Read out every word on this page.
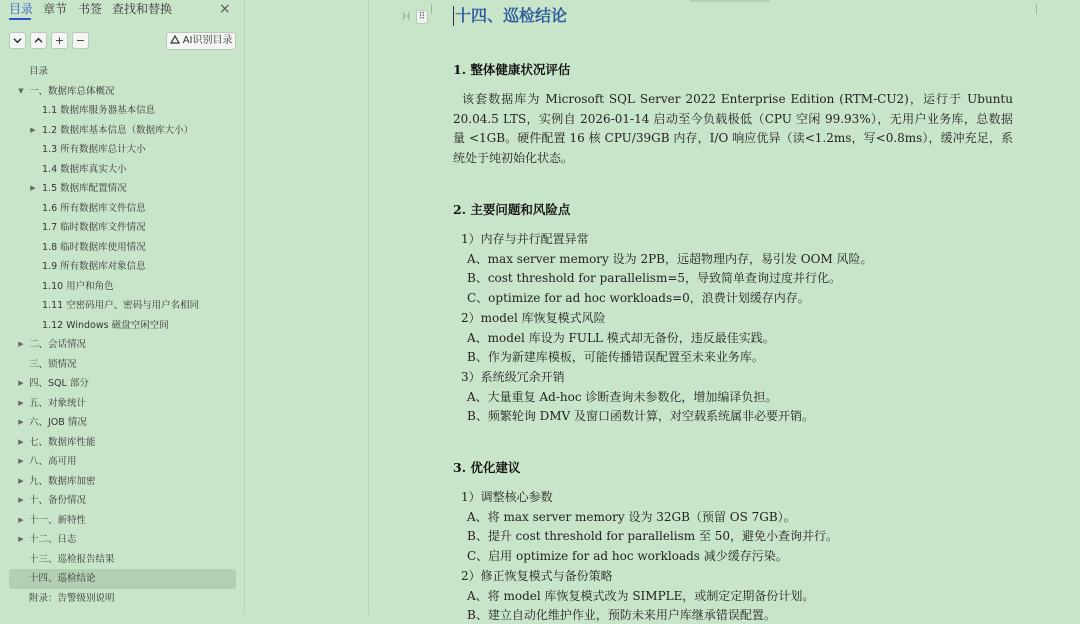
目录 章节 书签 查找和替换	×
+	−	AI识别目录
目录
▼ 一、数据库总体概况
1.1 数据库服务器基本信息
▶ 1.2 数据库基本信息（数据库大小）
1.3 所有数据库总计大小
1.4 数据库真实大小
▶ 1.5 数据库配置情况
1.6 所有数据库文件信息
1.7 临时数据库文件情况
1.8 临时数据库使用情况
1.9 所有数据库对象信息
1.10 用户和角色
1.11 空密码用户、密码与用户名相同
1.12 Windows 磁盘空闲空间
▶ 二、会话情况
三、锁情况
▶ 四、SQL 部分
▶ 五、对象统计
▶ 六、JOB 情况
▶ 七、数据库性能
▶ 八、高可用
▶ 九、数据库加密
▶ 十、备份情况
▶ 十一、新特性
▶ 十二、日志
十三、巡检报告结果
十四、巡检结论
附录：告警级别说明
H ⠿ 十四、巡检结论
1. 整体健康状况评估
该套数据库为 Microsoft SQL Server 2022 Enterprise Edition (RTM-CU2)，运行于 Ubuntu 20.04.5 LTS，实例自 2026-01-14 启动至今负载极低（CPU 空闲 99.93%），无用户业务库，总数据量 <1GB。硬件配置 16 核 CPU/39GB 内存，I/O 响应优异（读<1.2ms，写<0.8ms），缓冲充足，系统处于纯初始化状态。
2. 主要问题和风险点
1）内存与并行配置异常
A、max server memory 设为 2PB，远超物理内存，易引发 OOM 风险。
B、cost threshold for parallelism=5，导致简单查询过度并行化。
C、optimize for ad hoc workloads=0，浪费计划缓存内存。
2）model 库恢复模式风险
A、model 库设为 FULL 模式却无备份，违反最佳实践。
B、作为新建库模板，可能传播错误配置至未来业务库。
3）系统级冗余开销
A、大量重复 Ad-hoc 诊断查询未参数化，增加编译负担。
B、频繁轮询 DMV 及窗口函数计算，对空载系统属非必要开销。
3. 优化建议
1）调整核心参数
A、将 max server memory 设为 32GB（预留 OS 7GB）。
B、提升 cost threshold for parallelism 至 50，避免小查询并行。
C、启用 optimize for ad hoc workloads 减少缓存污染。
2）修正恢复模式与备份策略
A、将 model 库恢复模式改为 SIMPLE，或制定定期备份计划。
B、建立自动化维护作业，预防未来用户库继承错误配置。
